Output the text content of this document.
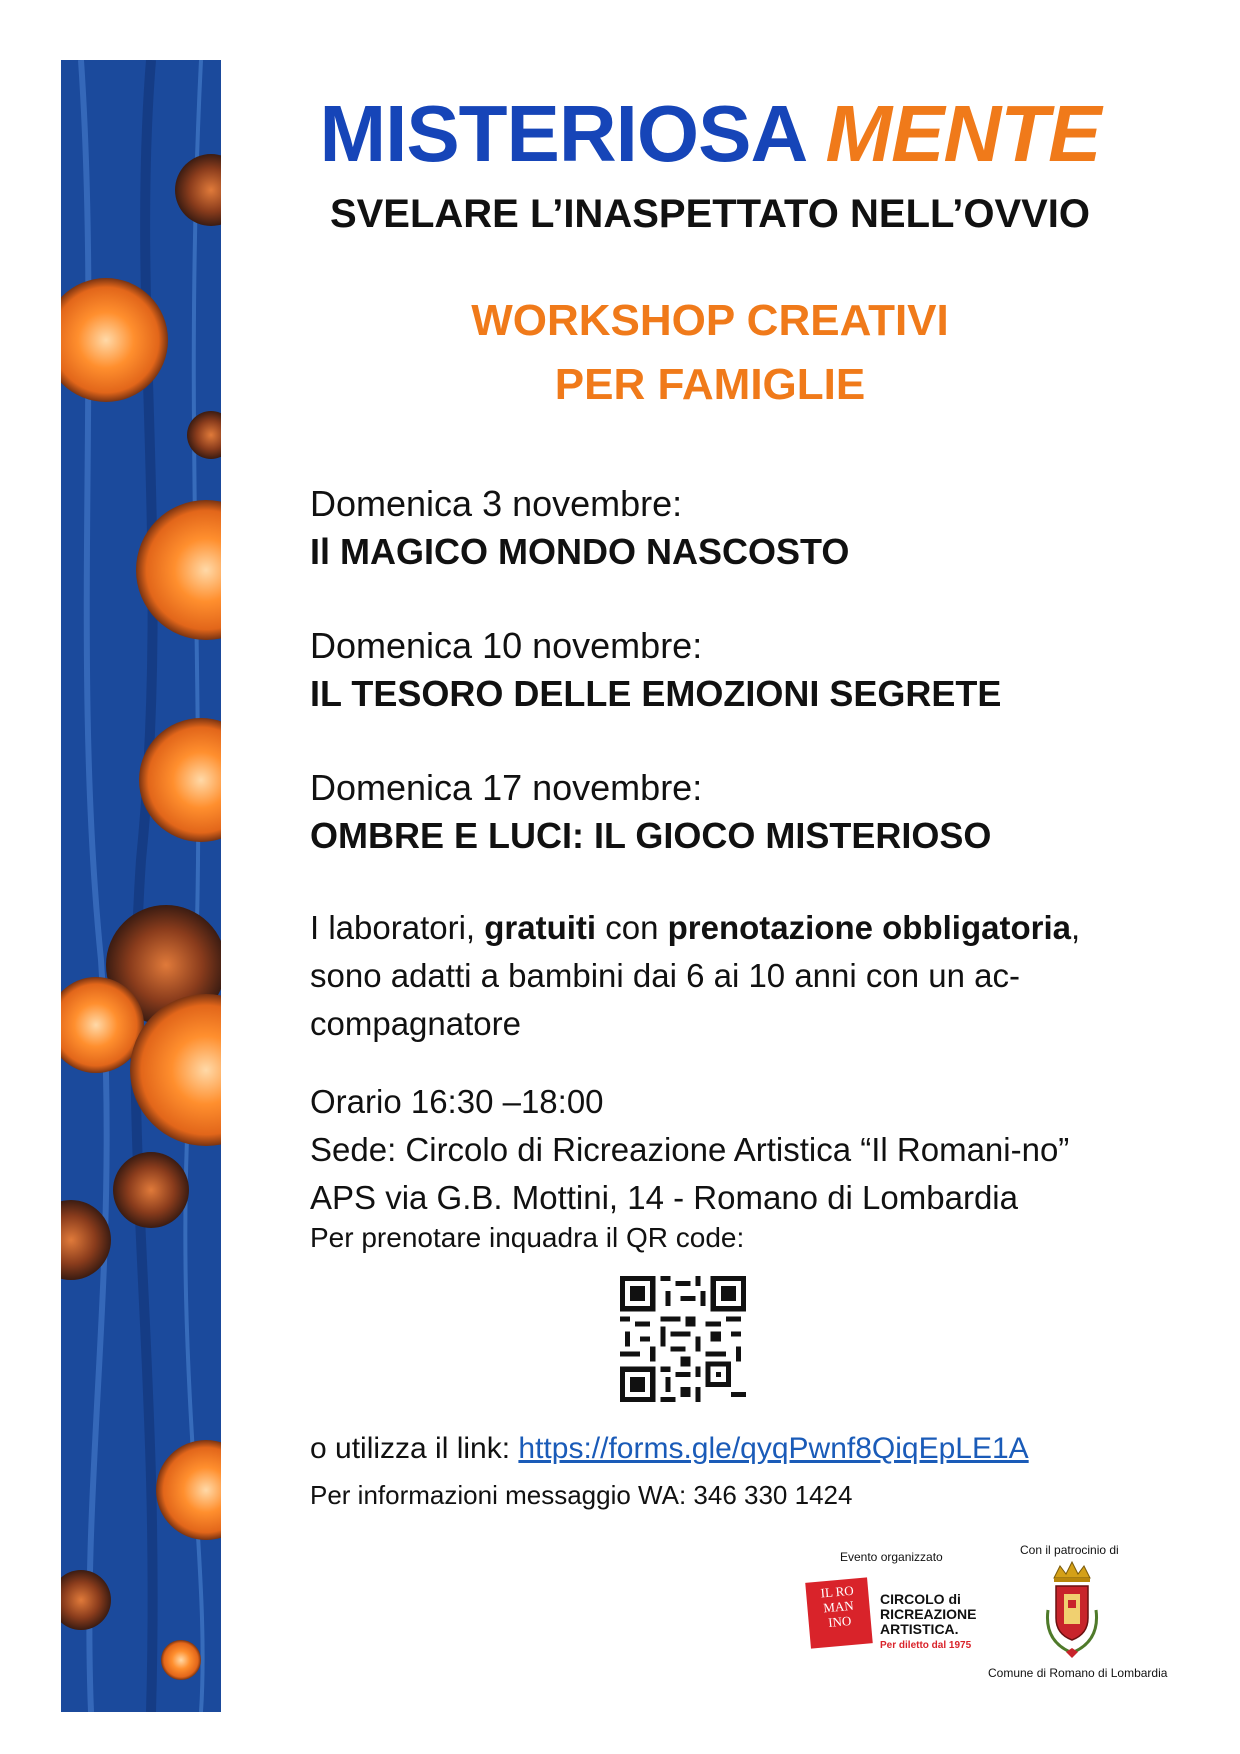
MISTERIOSA MENTE
SVELARE L’INASPETTATO NELL’OVVIO
WORKSHOP CREATIVI
PER FAMIGLIE
Domenica 3 novembre:
Il MAGICO MONDO NASCOSTO
Domenica 10 novembre:
IL TESORO DELLE EMOZIONI SEGRETE
Domenica 17 novembre:
OMBRE E LUCI: IL GIOCO MISTERIOSO
I laboratori, gratuiti con prenotazione obbligatoria, sono adatti a bambini dai 6 ai 10 anni con un ac-compagnatore
Orario 16:30 –18:00
Sede: Circolo di Ricreazione Artistica “Il Romani-no” APS via G.B. Mottini, 14 - Romano di Lombardia
Per prenotare inquadra il QR code:
o utilizza il link: https://forms.gle/qyqPwnf8QiqEpLE1A
Per informazioni messaggio WA: 346 330 1424
Evento organizzato
IL RO
MAN
INO
CIRCOLO di RICREAZIONE ARTISTICA.
Per diletto dal 1975
Con il patrocinio di
Comune di Romano di Lombardia
